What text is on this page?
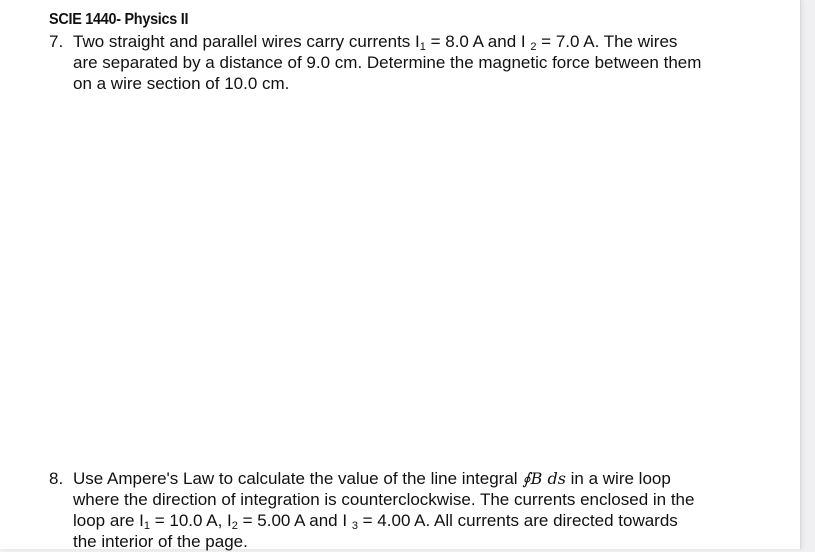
SCIE 1440- Physics II
7. Two straight and parallel wires carry currents $I_1 = 8.0$ A and I $_2$ = 7.0 A. The wires
are separated by a distance of 9.0 cm. Determine the magnetic force between them
on a wire section of 10.0 cm.
8. Use Ampere's Law to calculate the value of the line integral ∮B ds in a wire loop
where the direction of integration is counterclockwise. The currents enclosed in the
loop are $I_1 = 10.0$ A, $I_2 = 5.00$ A and I $_3$ = 4.00 A. All currents are directed towards
the interior of the page.
